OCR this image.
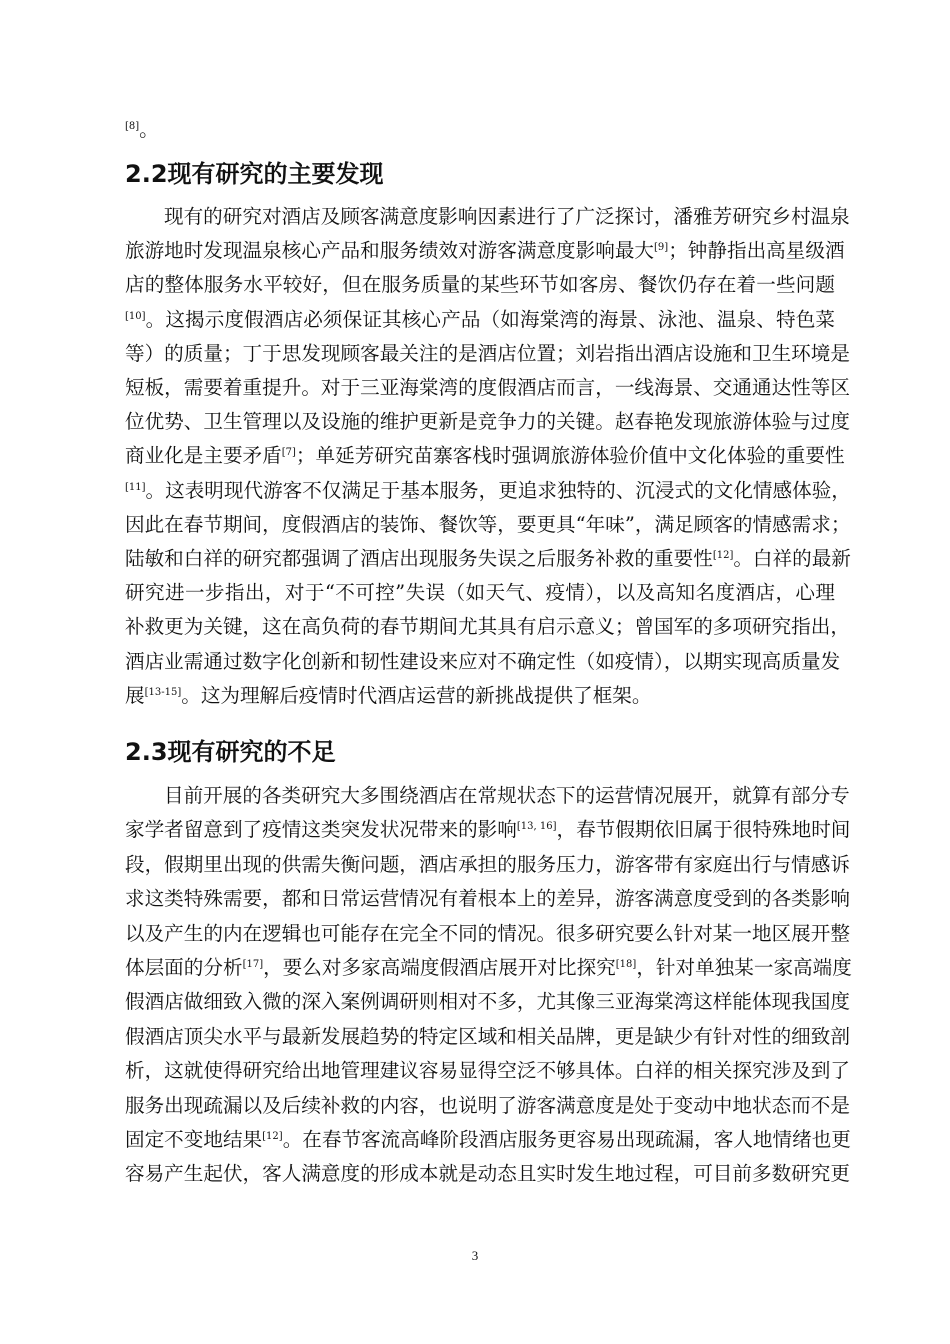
[8]。
2.2现有研究的主要发现
现有的研究对酒店及顾客满意度影响因素进行了广泛探讨，潘雅芳研究乡村温泉
旅游地时发现温泉核心产品和服务绩效对游客满意度影响最大[9]；钟静指出高星级酒
店的整体服务水平较好，但在服务质量的某些环节如客房、餐饮仍存在着一些问题
[10]。这揭示度假酒店必须保证其核心产品（如海棠湾的海景、泳池、温泉、特色菜
等）的质量；丁于思发现顾客最关注的是酒店位置；刘岩指出酒店设施和卫生环境是
短板，需要着重提升。对于三亚海棠湾的度假酒店而言，一线海景、交通通达性等区
位优势、卫生管理以及设施的维护更新是竞争力的关键。赵春艳发现旅游体验与过度
商业化是主要矛盾[7]；单延芳研究苗寨客栈时强调旅游体验价值中文化体验的重要性
[11]。这表明现代游客不仅满足于基本服务，更追求独特的、沉浸式的文化情感体验，
因此在春节期间，度假酒店的装饰、餐饮等，要更具“年味”，满足顾客的情感需求；
陆敏和白祥的研究都强调了酒店出现服务失误之后服务补救的重要性[12]。白祥的最新
研究进一步指出，对于“不可控”失误（如天气、疫情），以及高知名度酒店，心理
补救更为关键，这在高负荷的春节期间尤其具有启示意义；曾国军的多项研究指出，
酒店业需通过数字化创新和韧性建设来应对不确定性（如疫情），以期实现高质量发
展[13-15]。这为理解后疫情时代酒店运营的新挑战提供了框架。
2.3现有研究的不足
目前开展的各类研究大多围绕酒店在常规状态下的运营情况展开，就算有部分专
家学者留意到了疫情这类突发状况带来的影响[13, 16]，春节假期依旧属于很特殊地时间
段，假期里出现的供需失衡问题，酒店承担的服务压力，游客带有家庭出行与情感诉
求这类特殊需要，都和日常运营情况有着根本上的差异，游客满意度受到的各类影响
以及产生的内在逻辑也可能存在完全不同的情况。很多研究要么针对某一地区展开整
体层面的分析[17]，要么对多家高端度假酒店展开对比探究[18]，针对单独某一家高端度
假酒店做细致入微的深入案例调研则相对不多，尤其像三亚海棠湾这样能体现我国度
假酒店顶尖水平与最新发展趋势的特定区域和相关品牌，更是缺少有针对性的细致剖
析，这就使得研究给出地管理建议容易显得空泛不够具体。白祥的相关探究涉及到了
服务出现疏漏以及后续补救的内容，也说明了游客满意度是处于变动中地状态而不是
固定不变地结果[12]。在春节客流高峰阶段酒店服务更容易出现疏漏，客人地情绪也更
容易产生起伏，客人满意度的形成本就是动态且实时发生地过程，可目前多数研究更
3
